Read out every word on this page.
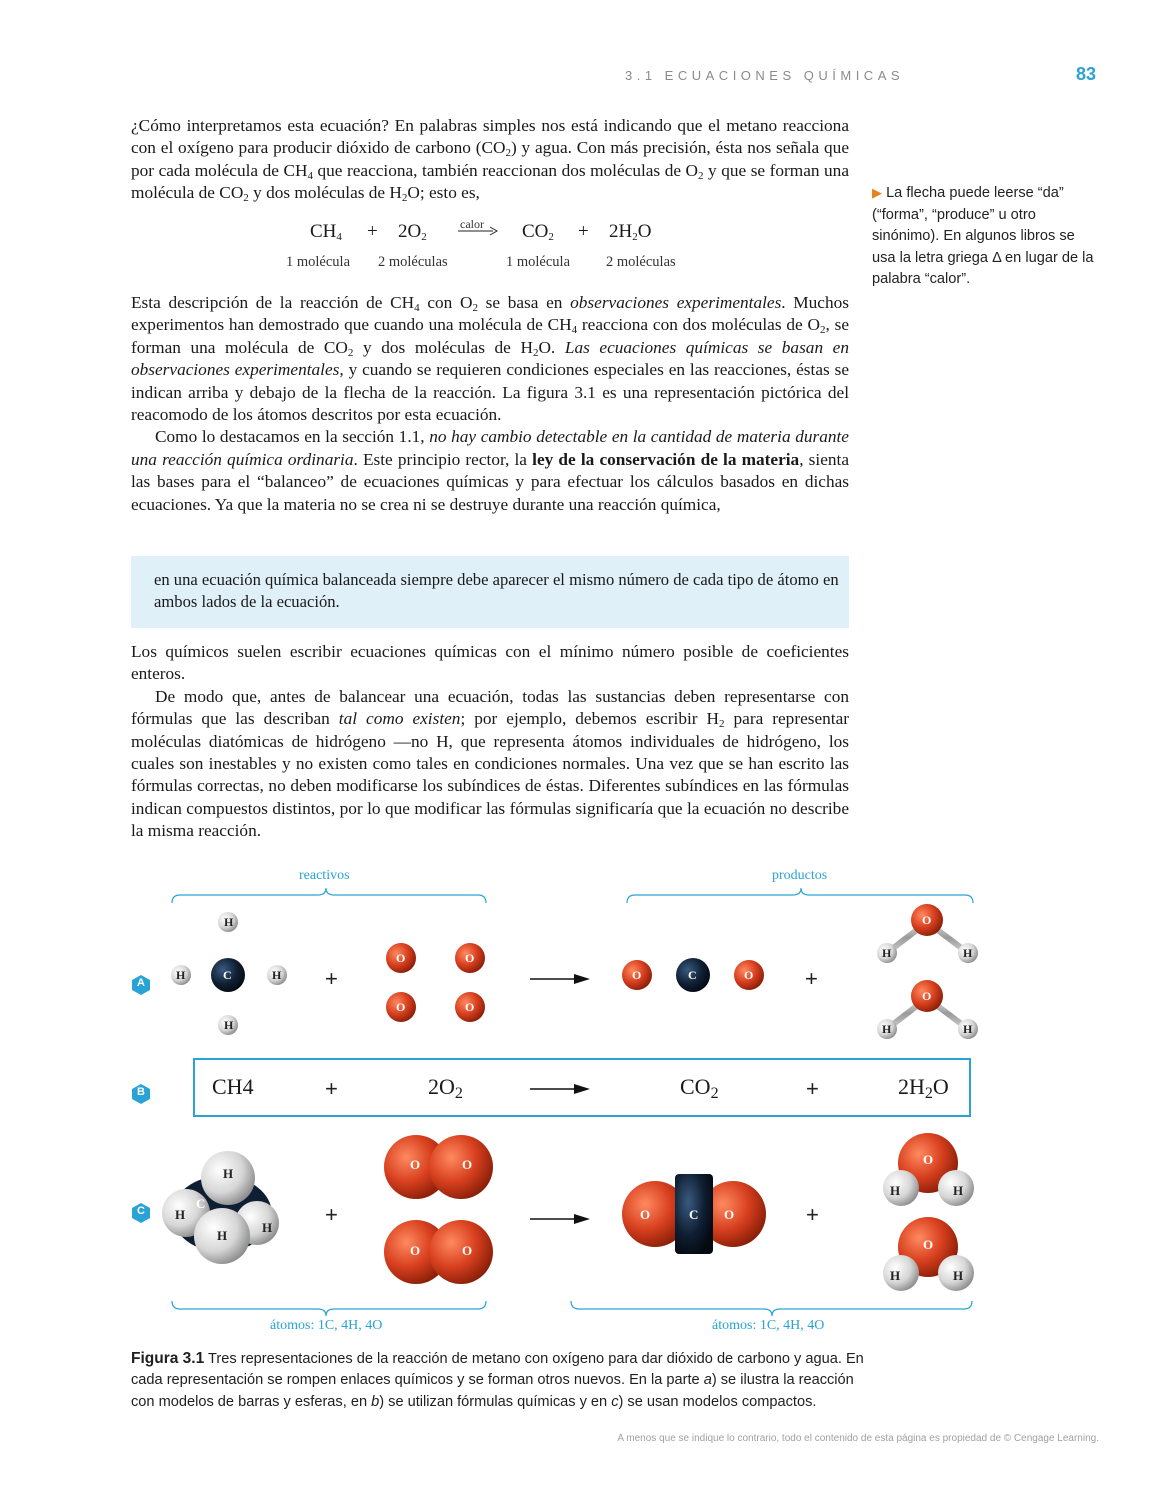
3.1 ECUACIONES QUÍMICAS	83

¿Cómo interpretamos esta ecuación? En palabras simples nos está indicando que el metano reacciona con el oxígeno para producir dióxido de carbono $(CO_2)$ y agua. Con más precisión, ésta nos señala que por cada molécula de $CH_4$ que reacciona, también reaccionan dos moléculas de $O_2$ y que se forman una molécula de $CO_2$ y dos moléculas de $H_2O$; esto es,

$CH_4 + 2O_2$
calor $CO_2 + 2H_2O$
1 molécula 2 moléculas	1 molécula 2 moléculas
▶ La flecha puede leerse “da” (“forma”, “produce” u otro sinónimo). En algunos libros se usa la letra griega Δ en lugar de la palabra “calor”.

Esta descripción de la reacción de $CH_4$ con $O_2$ se basa en observaciones experimentales. Muchos experimentos han demostrado que cuando una molécula de $CH_4$ reacciona con dos moléculas de $O_2$, se forman una molécula de $CO_2$ y dos moléculas de $H_2O$. Las ecuaciones químicas se basan en observaciones experimentales, y cuando se requieren condiciones especiales en las reacciones, éstas se indican arriba y debajo de la flecha de la reacción. La figura 3.1 es una representación pictórica del reacomodo de los átomos descritos por esta ecuación.

Como lo destacamos en la sección 1.1, no hay cambio detectable en la cantidad de materia durante una reacción química ordinaria. Este principio rector, la ley de la conservación de la materia, sienta las bases para el “balanceo” de ecuaciones químicas y para efectuar los cálculos basados en dichas ecuaciones. Ya que la materia no se crea ni se destruye durante una reacción química,

en una ecuación química balanceada siempre debe aparecer el mismo número de cada tipo de átomo en ambos lados de la ecuación.

Los químicos suelen escribir ecuaciones químicas con el mínimo número posible de coeficientes enteros.

De modo que, antes de balancear una ecuación, todas las sustancias deben representarse con fórmulas que las describan tal como existen; por ejemplo, debemos escribir $H_2$ para representar moléculas diatómicas de hidrógeno —no H, que representa átomos individuales de hidrógeno, los cuales son inestables y no existen como tales en condiciones normales. Una vez que se han escrito las fórmulas correctas, no deben modificarse los subíndices de éstas. Diferentes subíndices en las fórmulas indican compuestos distintos, por lo que modificar las fórmulas significaría que la ecuación no describe la misma reacción.

reactivos	productos
A
B
C
H
H
H	H
C
O	O
O	O
O	C	O
O
H	H
O
H	H
+	+
+	+
+	+
CH4	2O2	CO2	2H2O
H
C
H
H
H
O	O
O	O
O	C O
O
H	H
O
H	H
átomos: 1C, 4H, 4O	átomos: 1C, 4H, 4O
Figura 3.1 Tres representaciones de la reacción de metano con oxígeno para dar dióxido de carbono y agua. En cada representación se rompen enlaces químicos y se forman otros nuevos. En la parte a) se ilustra la reacción con modelos de barras y esferas, en b) se utilizan fórmulas químicas y en c) se usan modelos compactos.
A menos que se indique lo contrario, todo el contenido de esta página es propiedad de © Cengage Learning.
